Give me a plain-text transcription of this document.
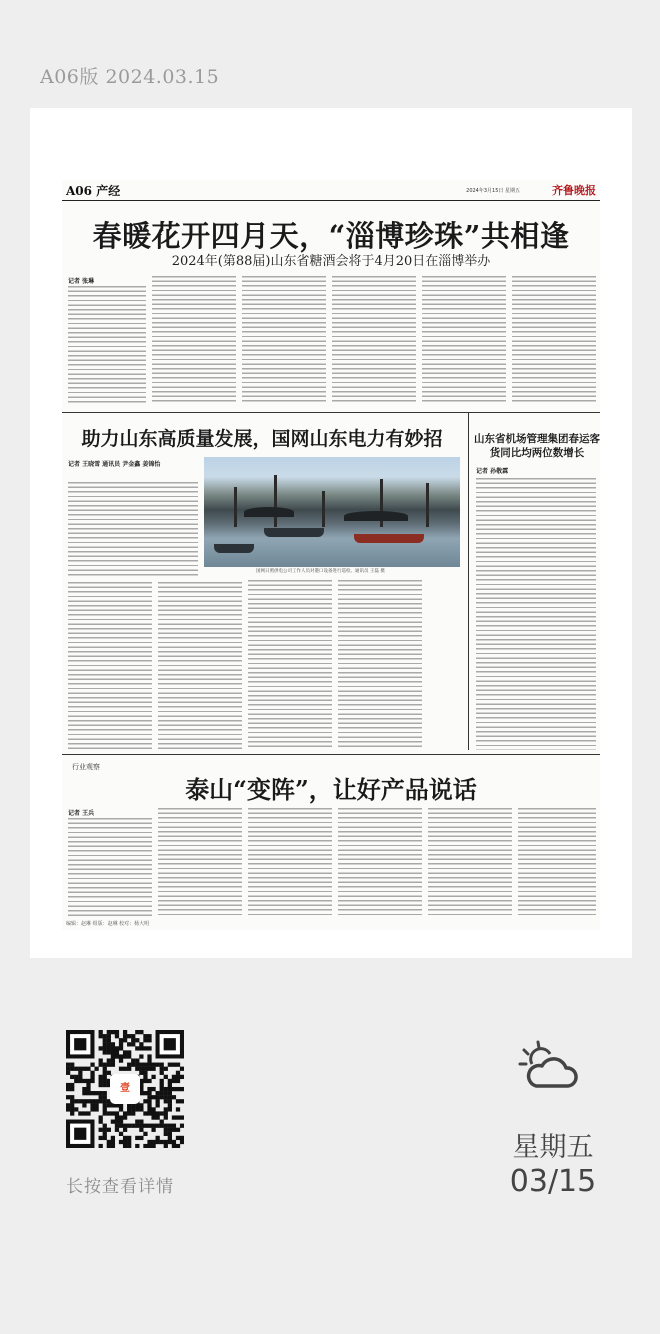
A06版 2024.03.15
A06 产经	2024年3月15日 星期五	齐鲁晚报
春暖花开四月天，“淄博珍珠”共相逢
2024年(第88届)山东省糖酒会将于4月20日在淄博举办
记者 张琳
助力山东高质量发展，国网山东电力有妙招
记者 王晓雪 通讯员 尹金鑫 姜锦怡
国网日照供电公司工作人员对港口设备进行巡检。通讯员 王磊 摄
山东省机场管理集团春运客货同比均两位数增长
记者 孙敬霖
行业观察
泰山“变阵”，让好产品说话
记者 王兵
编辑：赵琳 组版：赵琳 校对：杨大明
壹
长按查看详情
星期五
03/15
